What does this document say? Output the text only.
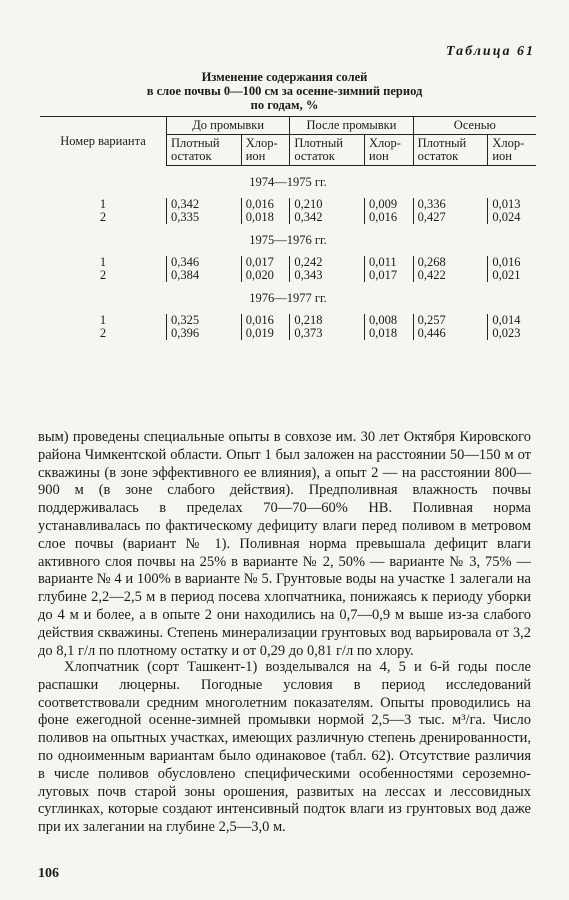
Таблица 61
Изменение содержания солей
в слое почвы 0—100 см за осенне-зимний период
по годам, %
Номер варианта	До промывки		После промывки		Осенью	
	Плотный остаток	Хлор-ион	Плотный остаток	Хлор-ион	Плотный остаток	Хлор-ион
1974—1975 гг.						
1	0,342	0,016	0,210	0,009	0,336	0,013
2	0,335	0,018	0,342	0,016	0,427	0,024
1975—1976 гг.						
1	0,346	0,017	0,242	0,011	0,268	0,016
2	0,384	0,020	0,343	0,017	0,422	0,021
1976—1977 гг.						
1	0,325	0,016	0,218	0,008	0,257	0,014
2	0,396	0,019	0,373	0,018	0,446	0,023

вым) проведены специальные опыты в совхозе им. 30 лет Октября Кировского района Чимкентской области. Опыт 1 был заложен на расстоянии 50—150 м от скважины (в зоне эффективного ее влияния), а опыт 2 — на расстоянии 800—900 м (в зоне слабого действия). Предполивная влажность почвы поддерживалась в пределах 70—70—60% НВ. Поливная норма устанавливалась по фактическому дефициту влаги перед поливом в метровом слое почвы (вариант № 1). Поливная норма превышала дефицит влаги активного слоя почвы на 25% в варианте № 2, 50% — варианте № 3, 75% — варианте № 4 и 100% в варианте № 5. Грунтовые воды на участке 1 залегали на глубине 2,2—2,5 м в период посева хлопчатника, понижаясь к периоду уборки до 4 м и более, а в опыте 2 они находились на 0,7—0,9 м выше из-за слабого действия скважины. Степень минерализации грунтовых вод варьировала от 3,2 до 8,1 г/л по плотному остатку и от 0,29 до 0,81 г/л по хлору.

Хлопчатник (сорт Ташкент-1) возделывался на 4, 5 и 6-й годы после распашки люцерны. Погодные условия в период исследований соответствовали средним многолетним показателям. Опыты проводились на фоне ежегодной осенне-зимней промывки нормой 2,5—3 тыс. м³/га. Число поливов на опытных участках, имеющих различную степень дренированности, по одноименным вариантам было одинаковое (табл. 62). Отсутствие различия в числе поливов обусловлено специфическими особенностями сероземно-луговых почв старой зоны орошения, развитых на лессах и лессовидных суглинках, которые создают интенсивный подток влаги из грунтовых вод даже при их залегании на глубине 2,5—3,0 м.

106
